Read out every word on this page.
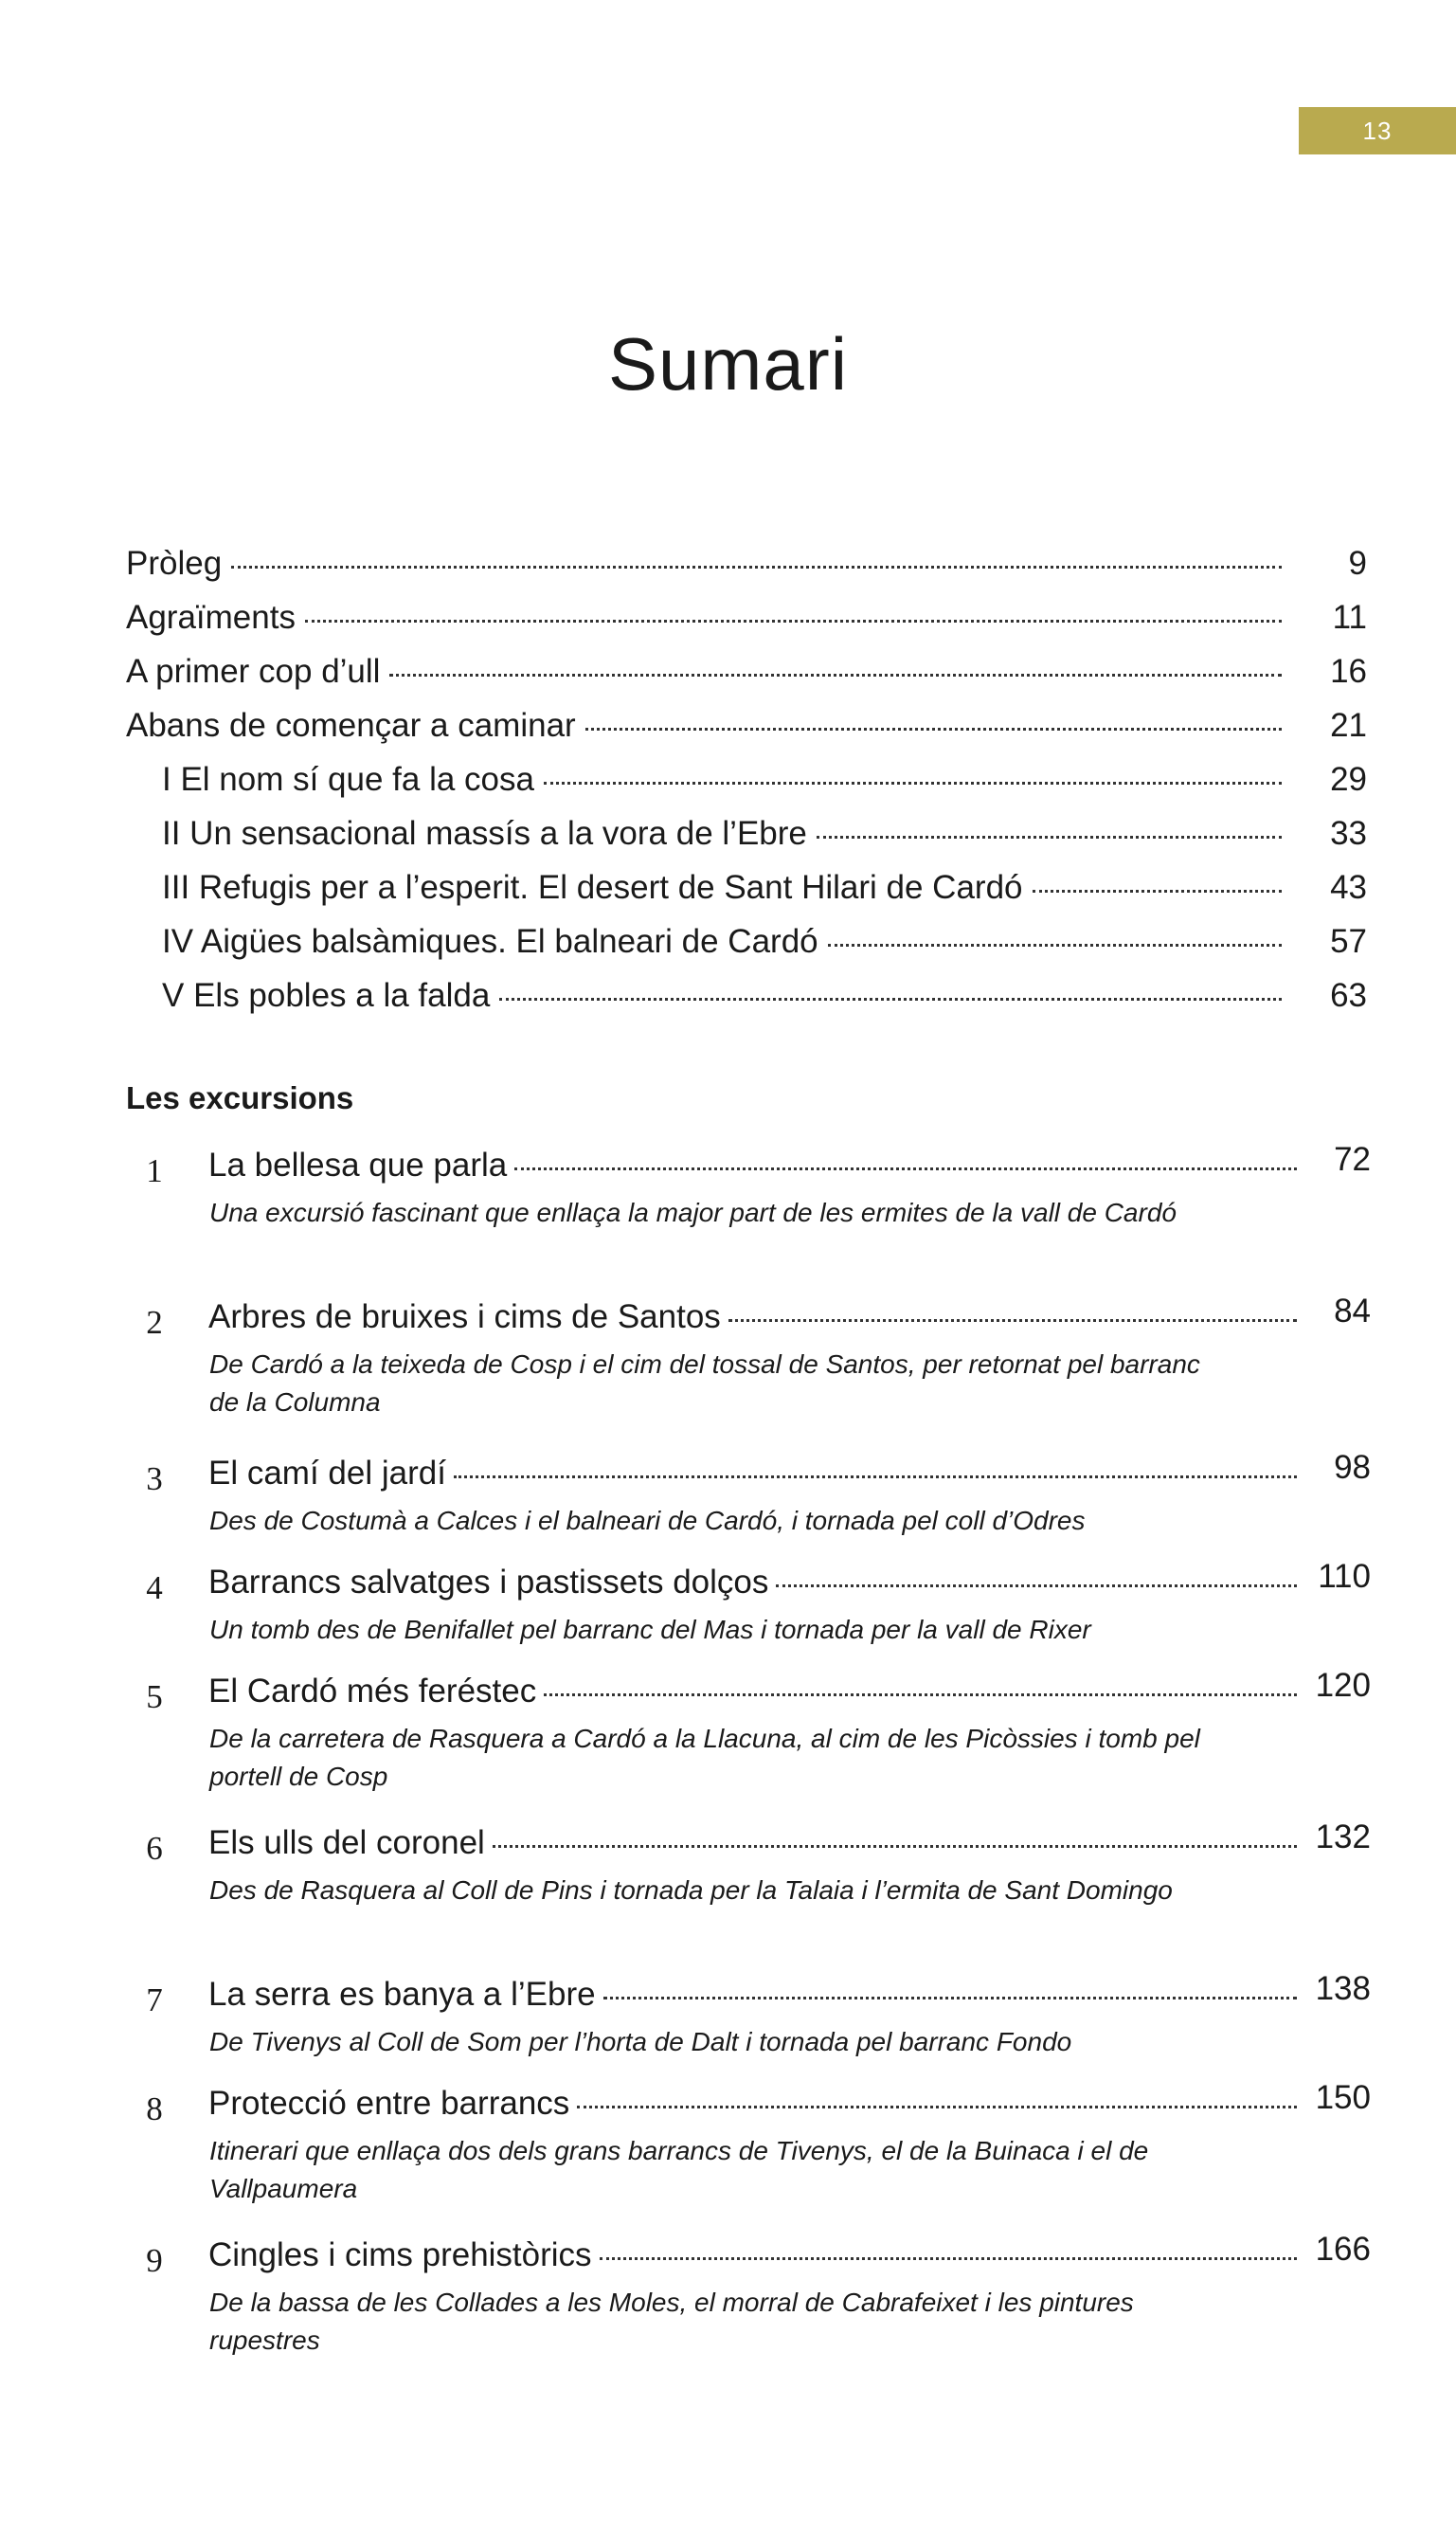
13
Sumari
Pròleg	9
Agraïments	11
A primer cop d’ull	16
Abans de començar a caminar	21
I El nom sí que fa la cosa	29
II Un sensacional massís a la vora de l’Ebre	33
III Refugis per a l’esperit. El desert de Sant Hilari de Cardó	43
IV Aigües balsàmiques. El balneari de Cardó	57
V Els pobles a la falda	63
Les excursions
1	La bellesa que parla	72
Una excursió fascinant que enllaça la major part de les ermites de la vall de Cardó
2	Arbres de bruixes i cims de Santos	84
De Cardó a la teixeda de Cosp i el cim del tossal de Santos, per retornat pel barranc de la Columna
3	El camí del jardí	98
Des de Costumà a Calces i el balneari de Cardó, i tornada pel coll d’Odres
4	Barrancs salvatges i pastissets dolços	110
Un tomb des de Benifallet pel barranc del Mas i tornada per la vall de Rixer
5	El Cardó més feréstec	120
De la carretera de Rasquera a Cardó a la Llacuna, al cim de les Picòssies i tomb pel portell de Cosp
6	Els ulls del coronel	132
Des de Rasquera al Coll de Pins i tornada per la Talaia i l’ermita de Sant Domingo
7	La serra es banya a l’Ebre	138
De Tivenys al Coll de Som per l’horta de Dalt i tornada pel barranc Fondo
8	Protecció entre barrancs	150
Itinerari que enllaça dos dels grans barrancs de Tivenys, el de la Buinaca i el de Vallpaumera
9	Cingles i cims prehistòrics	166
De la bassa de les Collades a les Moles, el morral de Cabrafeixet i les pintures rupestres
